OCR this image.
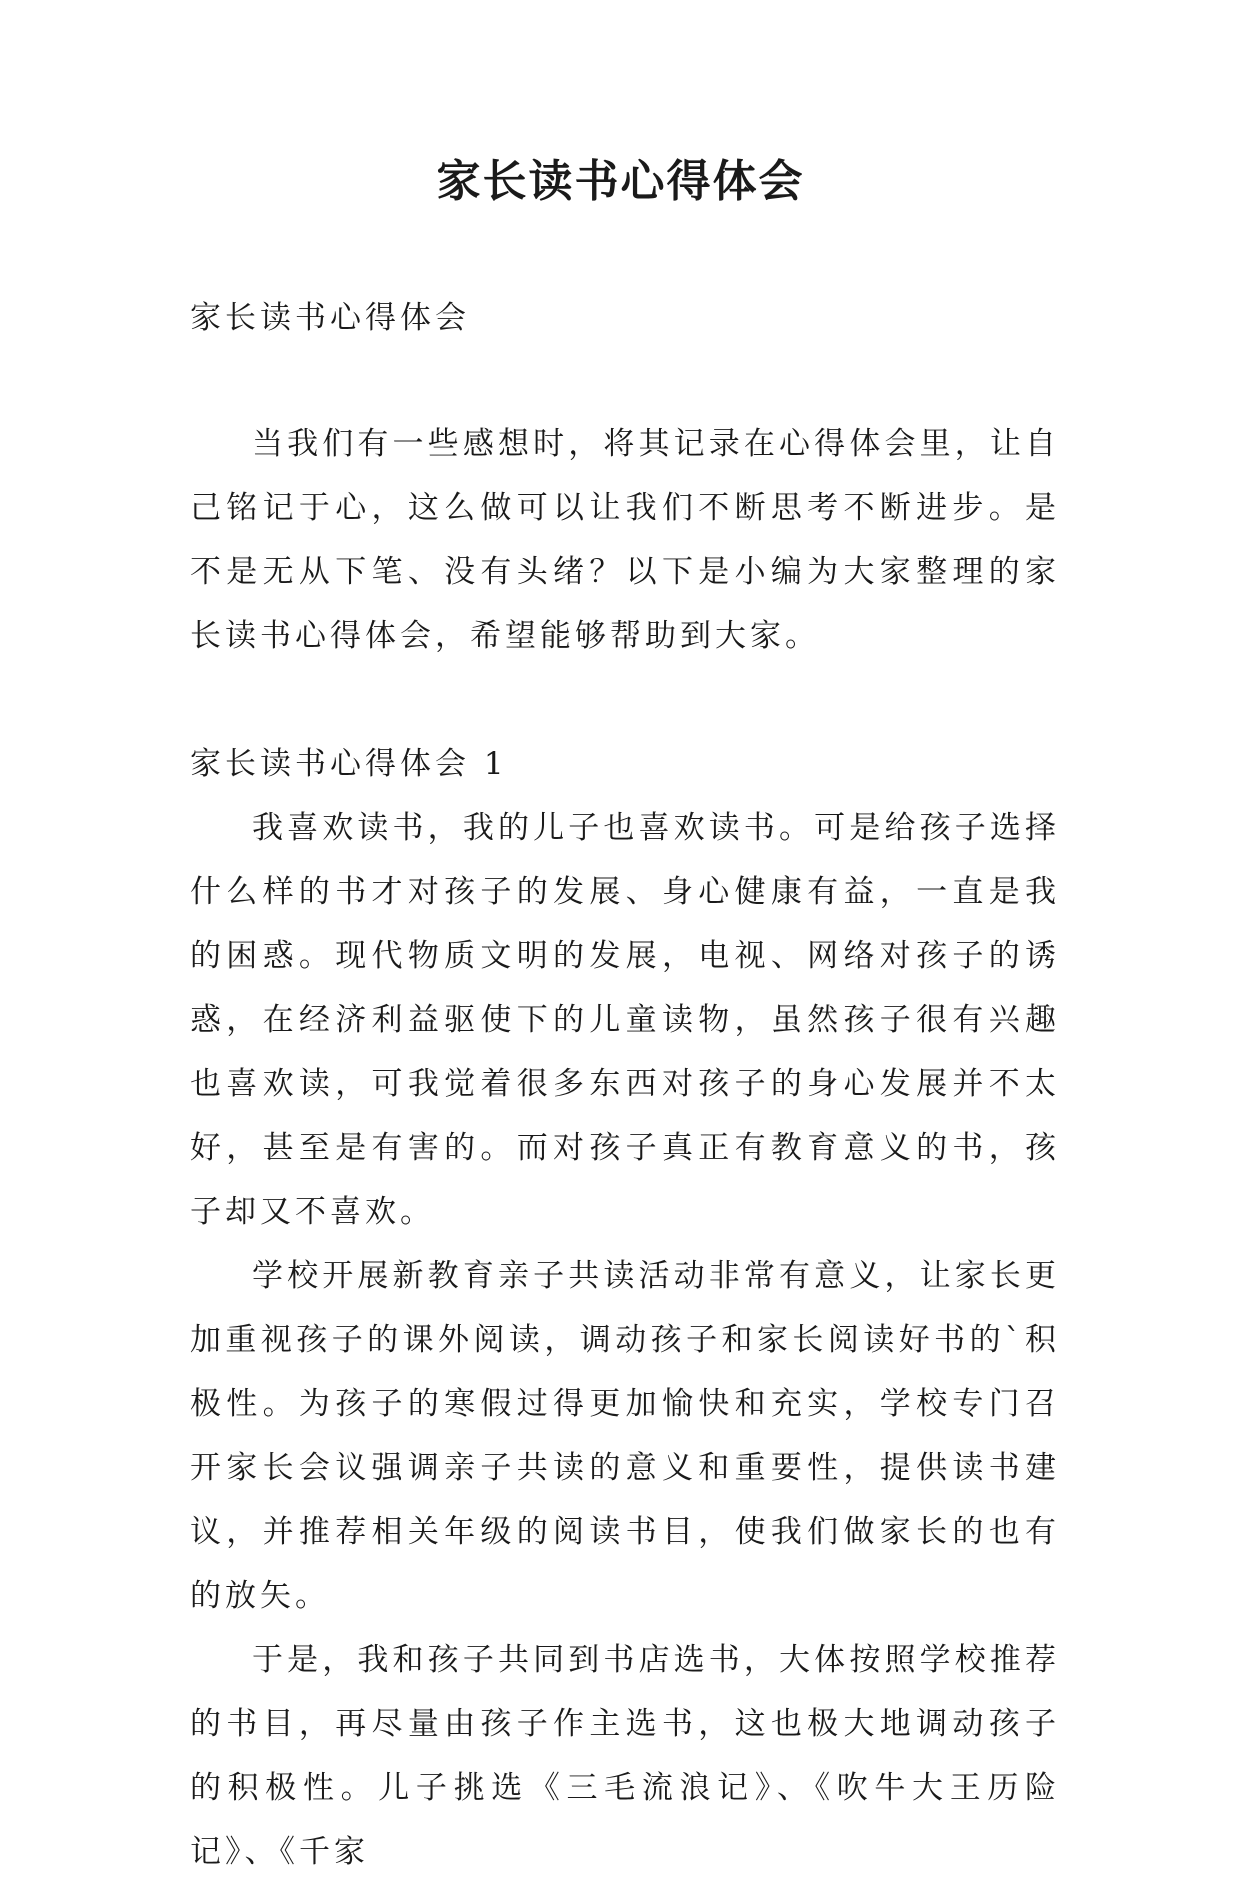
家长读书心得体会

家长读书心得体会

当我们有一些感想时，将其记录在心得体会里，让自己铭记于心，这么做可以让我们不断思考不断进步。是不是无从下笔、没有头绪？以下是小编为大家整理的家长读书心得体会，希望能够帮助到大家。

家长读书心得体会 1

我喜欢读书，我的儿子也喜欢读书。可是给孩子选择什么样的书才对孩子的发展、身心健康有益，一直是我的困惑。现代物质文明的发展，电视、网络对孩子的诱惑，在经济利益驱使下的儿童读物，虽然孩子很有兴趣也喜欢读，可我觉着很多东西对孩子的身心发展并不太好，甚至是有害的。而对孩子真正有教育意义的书，孩子却又不喜欢。

学校开展新教育亲子共读活动非常有意义，让家长更加重视孩子的课外阅读，调动孩子和家长阅读好书的`积极性。为孩子的寒假过得更加愉快和充实，学校专门召开家长会议强调亲子共读的意义和重要性，提供读书建议，并推荐相关年级的阅读书目，使我们做家长的也有的放矢。

于是，我和孩子共同到书店选书，大体按照学校推荐的书目，再尽量由孩子作主选书，这也极大地调动孩子的积极性。儿子挑选《三毛流浪记》、《吹牛大王历险记》、《千家
